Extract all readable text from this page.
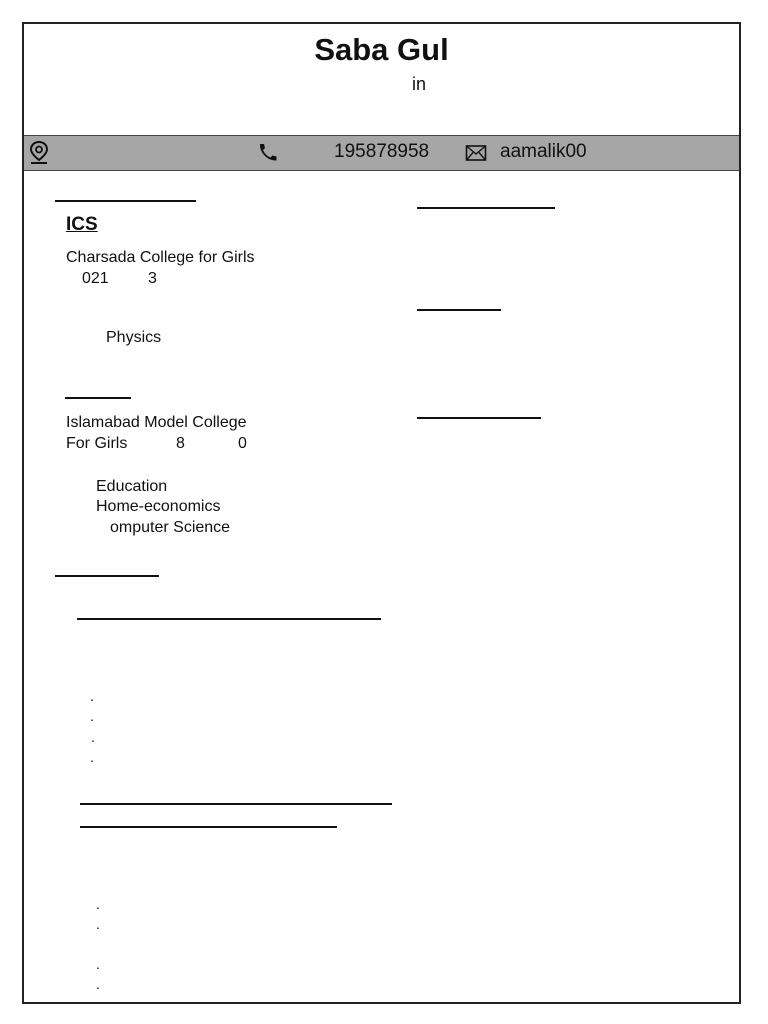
Saba Gul
in
195878958	aamalik00
ICS
Charsada College for Girls
021 3
Physics
Islamabad Model College
For Girls	8	0
Education
Home-economics
omputer Science
.
.
.
.
.
.
.
.
